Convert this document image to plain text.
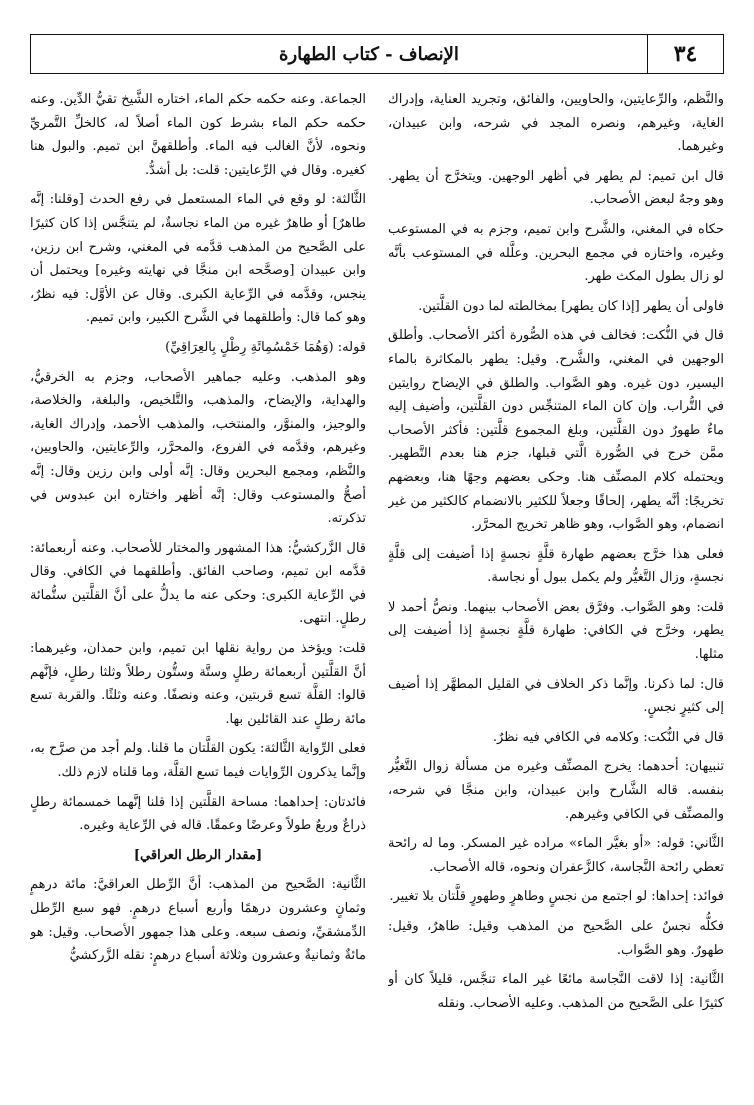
٣٤
الإنصاف - كتاب الطهارة

والنَّظم، والرِّعايتين، والحاويين، والفائق، وتجريد العناية، وإدراك الغاية، وغيرهم، ونصره المجد في شرحه، وابن عبيدان، وغيرهما.

قال ابن تميم: لم يطهر في أظهر الوجهين. ويتخرَّج أن يطهر. وهو وجهٌ لبعض الأصحاب.

حكاه في المغني، والشَّرح وابن تميم، وجزم به في المستوعب وغيره، واختاره في مجمع البحرين. وعلَّله في المستوعب بأنَّه لو زال بطول المكث طهر.

فاولى أن يطهر [إذا كان يطهر] بمخالطته لما دون القلَّتين.

قال في النُّكت: فخالف في هذه الصُّورة أكثر الأصحاب. وأطلق الوجهين في المغني، والشَّرح. وقيل: يطهر بالمكاثرة بالماء اليسير، دون غيره. وهو الصَّواب. والطلق في الإيضاح روايتين في التُّراب. وإن كان الماء المتنجِّس دون القلَّتين، وأضيف إليه ماءٌ طهورٌ دون القلَّتين، وبلغ المجموع قلَّتين: فأكثر الأصحاب ممَّن خرج في الصُّورة الَّتي قبلها، جزم هنا بعدم التَّطهير. ويحتمله كلام المصنِّف هنا. وحكى بعضهم وجهًا هنا، وبعضهم تخريجًا: أنَّه يطهر، إلحاقًا وجعلاً للكثير بالانضمام كالكثير من غير انضمام، وهو الصَّواب، وهو ظاهر تخريج المحرَّر.

فعلى هذا خرَّج بعضهم طهارة قلَّةٍ نجسةٍ إذا أضيفت إلى قلَّةٍ نجسةٍ، وزال التَّغيُّر ولم يكمل ببول أو نجاسة.

قلت: وهو الصَّواب. وفرَّق بعض الأصحاب بينهما. ونصُّ أحمد لا يطهر، وخرَّج في الكافي: طهارة قلَّةٍ نجسةٍ إذا أضيفت إلى مثلها.

قال: لما ذكرنا. وإنَّما ذكر الخلاف في القليل المطهَّر إذا أضيف إلى كثيرٍ نجسٍ.

قال في النُّكت: وكلامه في الكافي فيه نظرٌ.

تنبيهان: أحدهما: يخرج المصنِّف وغيره من مسألة زوال التَّغيُّر بنفسه. قاله الشَّارح وابن عبيدان، وابن منجَّا في شرحه، والمصنِّف في الكافي وغيرهم.

الثَّاني: قوله: «أو بغيَّر الماء» مراده غير المسكر. وما له رائحة تعطي رائحة النَّجاسة، كالزَّعفران ونحوه، قاله الأصحاب.

فوائد: إحداها: لو اجتمع من نجسٍ وطاهرٍ وطهورٍ قلَّتان بلا تغيير.

فكلُّه نجسٌ على الصَّحيح من المذهب وقيل: طاهرٌ، وقيل: طهورٌ. وهو الصَّواب.

الثَّانية: إذا لاقت النَّجاسة مائعًا غير الماء تنجَّس، قليلاً كان أو كثيرًا على الصَّحيح من المذهب. وعليه الأصحاب. ونقله

الجماعة. وعنه حكمه حكم الماء، اختاره الشَّيخ تقيُّ الدِّين. وعنه حكمه حكم الماء بشرط كون الماء أصلاً له، كالخلِّ التَّمريِّ ونحوه، لأنَّ الغالب فيه الماء. وأطلقهنَّ ابن تميم. والبول هنا كغيره. وقال في الرِّعايتين: قلت: بل أشدُّ.

الثَّالثة: لو وقع في الماء المستعمل في رفع الحدث [وقلنا: إنَّه طاهرٌ] أو طاهرٌ غيره من الماء نجاسةٌ، لم يتنجَّس إذا كان كثيرًا على الصَّحيح من المذهب قدَّمه في المغني، وشرح ابن رزين، وابن عبيدان [وصحَّحه ابن منجَّا في نهايته وغيره] ويحتمل أن ينجس، وقدَّمه في الرِّعاية الكبرى. وقال عن الأوَّل: فيه نظرٌ، وهو كما قال: وأطلقهما في الشَّرح الكبير، وابن تميم.

قوله: (وَهُمَا خَمْسُمِائَةِ رِطْلٍ بِالعِرَاقِيِّ)

وهو المذهب. وعليه جماهير الأصحاب، وجزم به الخرقيُّ، والهداية، والإيضاح، والمذهب، والتَّلخيص، والبلغة، والخلاصة، والوجيز، والمنوَّر، والمنتخب، والمذهب الأحمد، وإدراك الغاية، وغيرهم، وقدَّمه في الفروع، والمحرَّر، والرِّعايتين، والحاويين، والنَّظم، ومجمع البحرين وقال: إنَّه أولى وابن رزين وقال: إنَّه أصحُّ والمستوعب وقال: إنَّه أظهر واختاره ابن عبدوس في تذكرته.

قال الزَّركشيُّ: هذا المشهور والمختار للأصحاب. وعنه أربعمائة: قدَّمه ابن تميم، وصاحب الفائق. وأطلقهما في الكافي. وقال في الرِّعاية الكبرى: وحكى عنه ما يدلُّ على أنَّ القلَّتين ستُّمائة رطلٍ. انتهى.

قلت: ويؤخذ من رواية نقلها ابن تميم، وابن حمدان، وغيرهما: أنَّ القلَّتين أربعمائة رطلٍ وستَّة وستُّون رطلاً وثلثا رطلٍ، فإنَّهم قالوا: القلَّة تسع قربتين، وعنه ونصفًا. وعنه وثلثًا. والقربة تسع مائة رطلٍ عند القائلين بها.

فعلى الرِّواية الثَّالثة: يكون القلَّتان ما قلنا. ولم أجد من صرَّح به، وإنَّما يذكرون الرِّوايات فيما تسع القلَّة، وما قلناه لازم ذلك.

فائدتان: إحداهما: مساحة القلَّتين إذا قلنا إنَّهما خمسمائة رطلٍ ذراعٌ وربعٌ طولاً وعرضًا وعمقًا. قاله في الرِّعاية وغيره.

[مقدار الرطل العراقي]

الثَّانية: الصَّحيح من المذهب: أنَّ الرِّطل العراقيَّ: مائة درهمٍ وثمانٍ وعشرون درهمًا وأربع أسباع درهمٍ. فهو سبع الرِّطل الدِّمشقيِّ، ونصف سبعه. وعلى هذا جمهور الأصحاب. وقيل: هو مائةٌ وثمانيةٌ وعشرون وثلاثة أسباع درهمٍ: نقله الزَّركشيُّ
